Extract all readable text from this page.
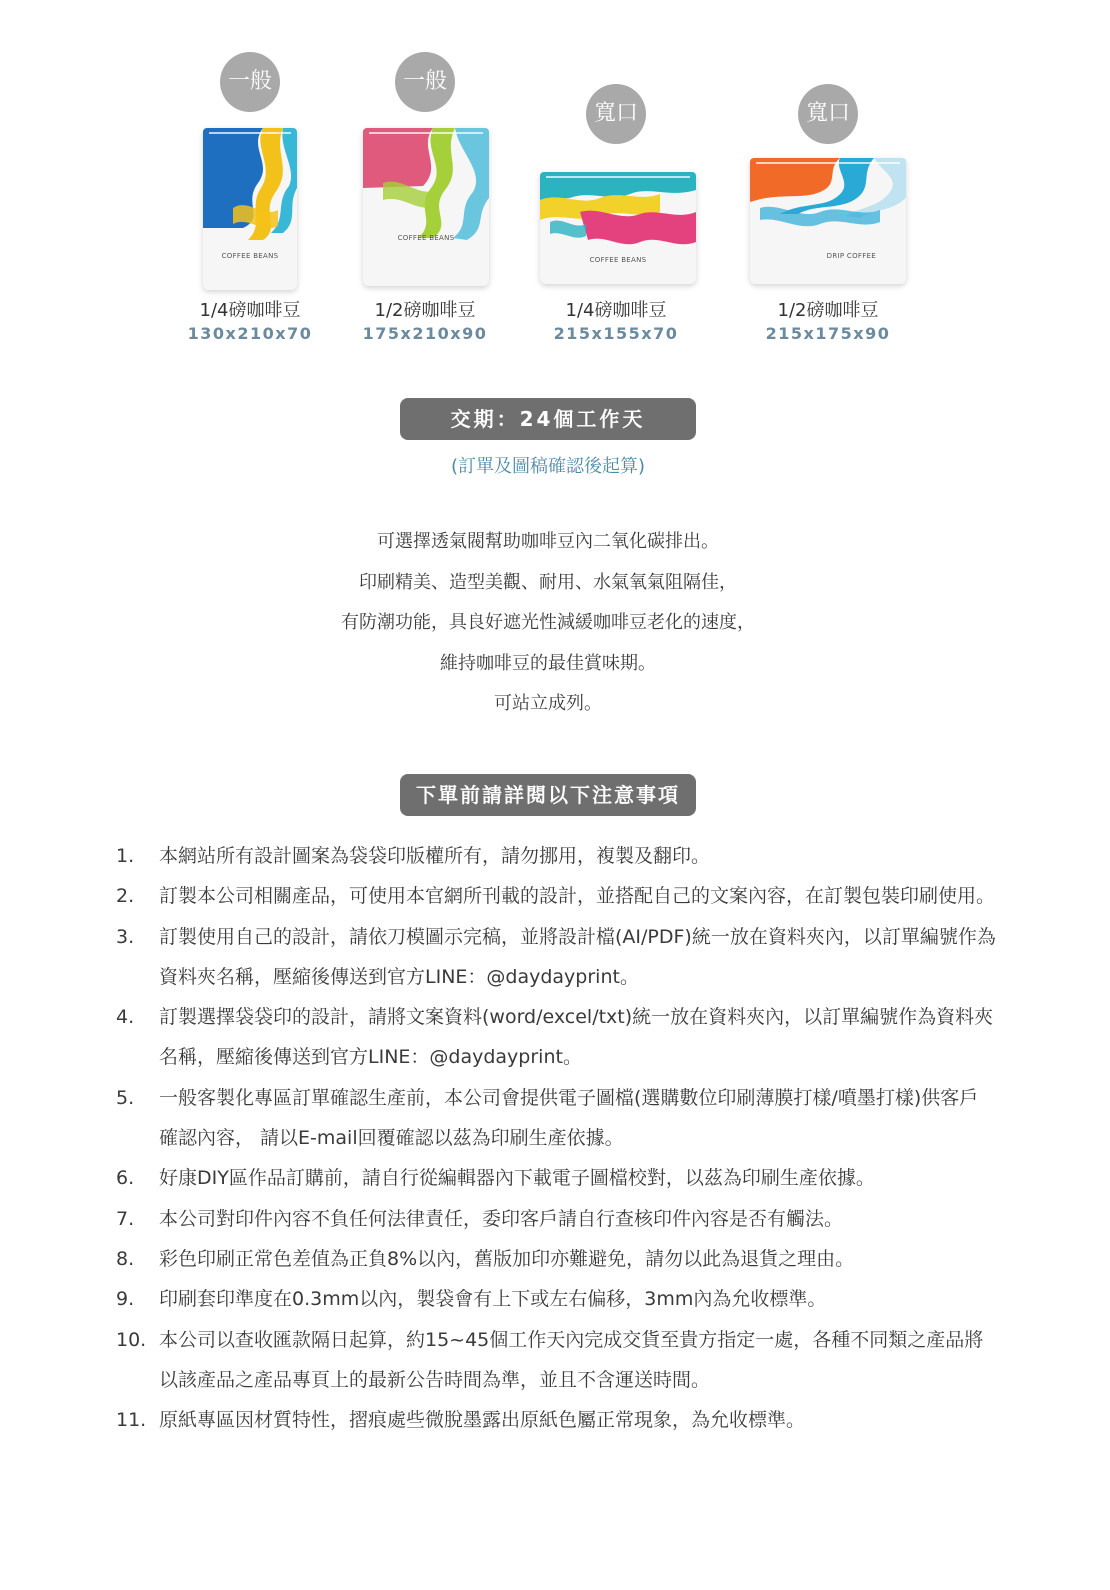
一般
COFFEE BEANS
1/4磅咖啡豆
130x210x70
一般
COFFEE BEANS
1/2磅咖啡豆
175x210x90
寬口
COFFEE BEANS
1/4磅咖啡豆
215x155x70
寬口
DRIP COFFEE
1/2磅咖啡豆
215x175x90
交期：24個工作天
(訂單及圖稿確認後起算)
可選擇透氣閥幫助咖啡豆內二氧化碳排出。
印刷精美、造型美觀、耐用、水氣氧氣阻隔佳，
有防潮功能，具良好遮光性減緩咖啡豆老化的速度，
維持咖啡豆的最佳賞味期。
可站立成列。
下單前請詳閱以下注意事項
1. 本網站所有設計圖案為袋袋印版權所有，請勿挪用，複製及翻印。
2. 訂製本公司相關產品，可使用本官網所刊載的設計，並搭配自己的文案內容，在訂製包裝印刷使用。
3. 訂製使用自己的設計，請依刀模圖示完稿，並將設計檔(AI/PDF)統一放在資料夾內，以訂單編號作為資料夾名稱，壓縮後傳送到官方LINE：@daydayprint。
4. 訂製選擇袋袋印的設計，請將文案資料(word/excel/txt)統一放在資料夾內，以訂單編號作為資料夾名稱，壓縮後傳送到官方LINE：@daydayprint。
5. 一般客製化專區訂單確認生產前，本公司會提供電子圖檔(選購數位印刷薄膜打樣/噴墨打樣)供客戶確認內容， 請以E-mail回覆確認以茲為印刷生產依據。
6. 好康DIY區作品訂購前，請自行從編輯器內下載電子圖檔校對，以茲為印刷生產依據。
7. 本公司對印件內容不負任何法律責任，委印客戶請自行查核印件內容是否有觸法。
8. 彩色印刷正常色差值為正負8%以內，舊版加印亦難避免，請勿以此為退貨之理由。
9. 印刷套印準度在0.3mm以內，製袋會有上下或左右偏移，3mm內為允收標準。
10. 本公司以查收匯款隔日起算，約15~45個工作天內完成交貨至貴方指定一處，各種不同類之產品將以該產品之產品專頁上的最新公告時間為準，並且不含運送時間。
11. 原紙專區因材質特性，摺痕處些微脫墨露出原紙色屬正常現象，為允收標準。
